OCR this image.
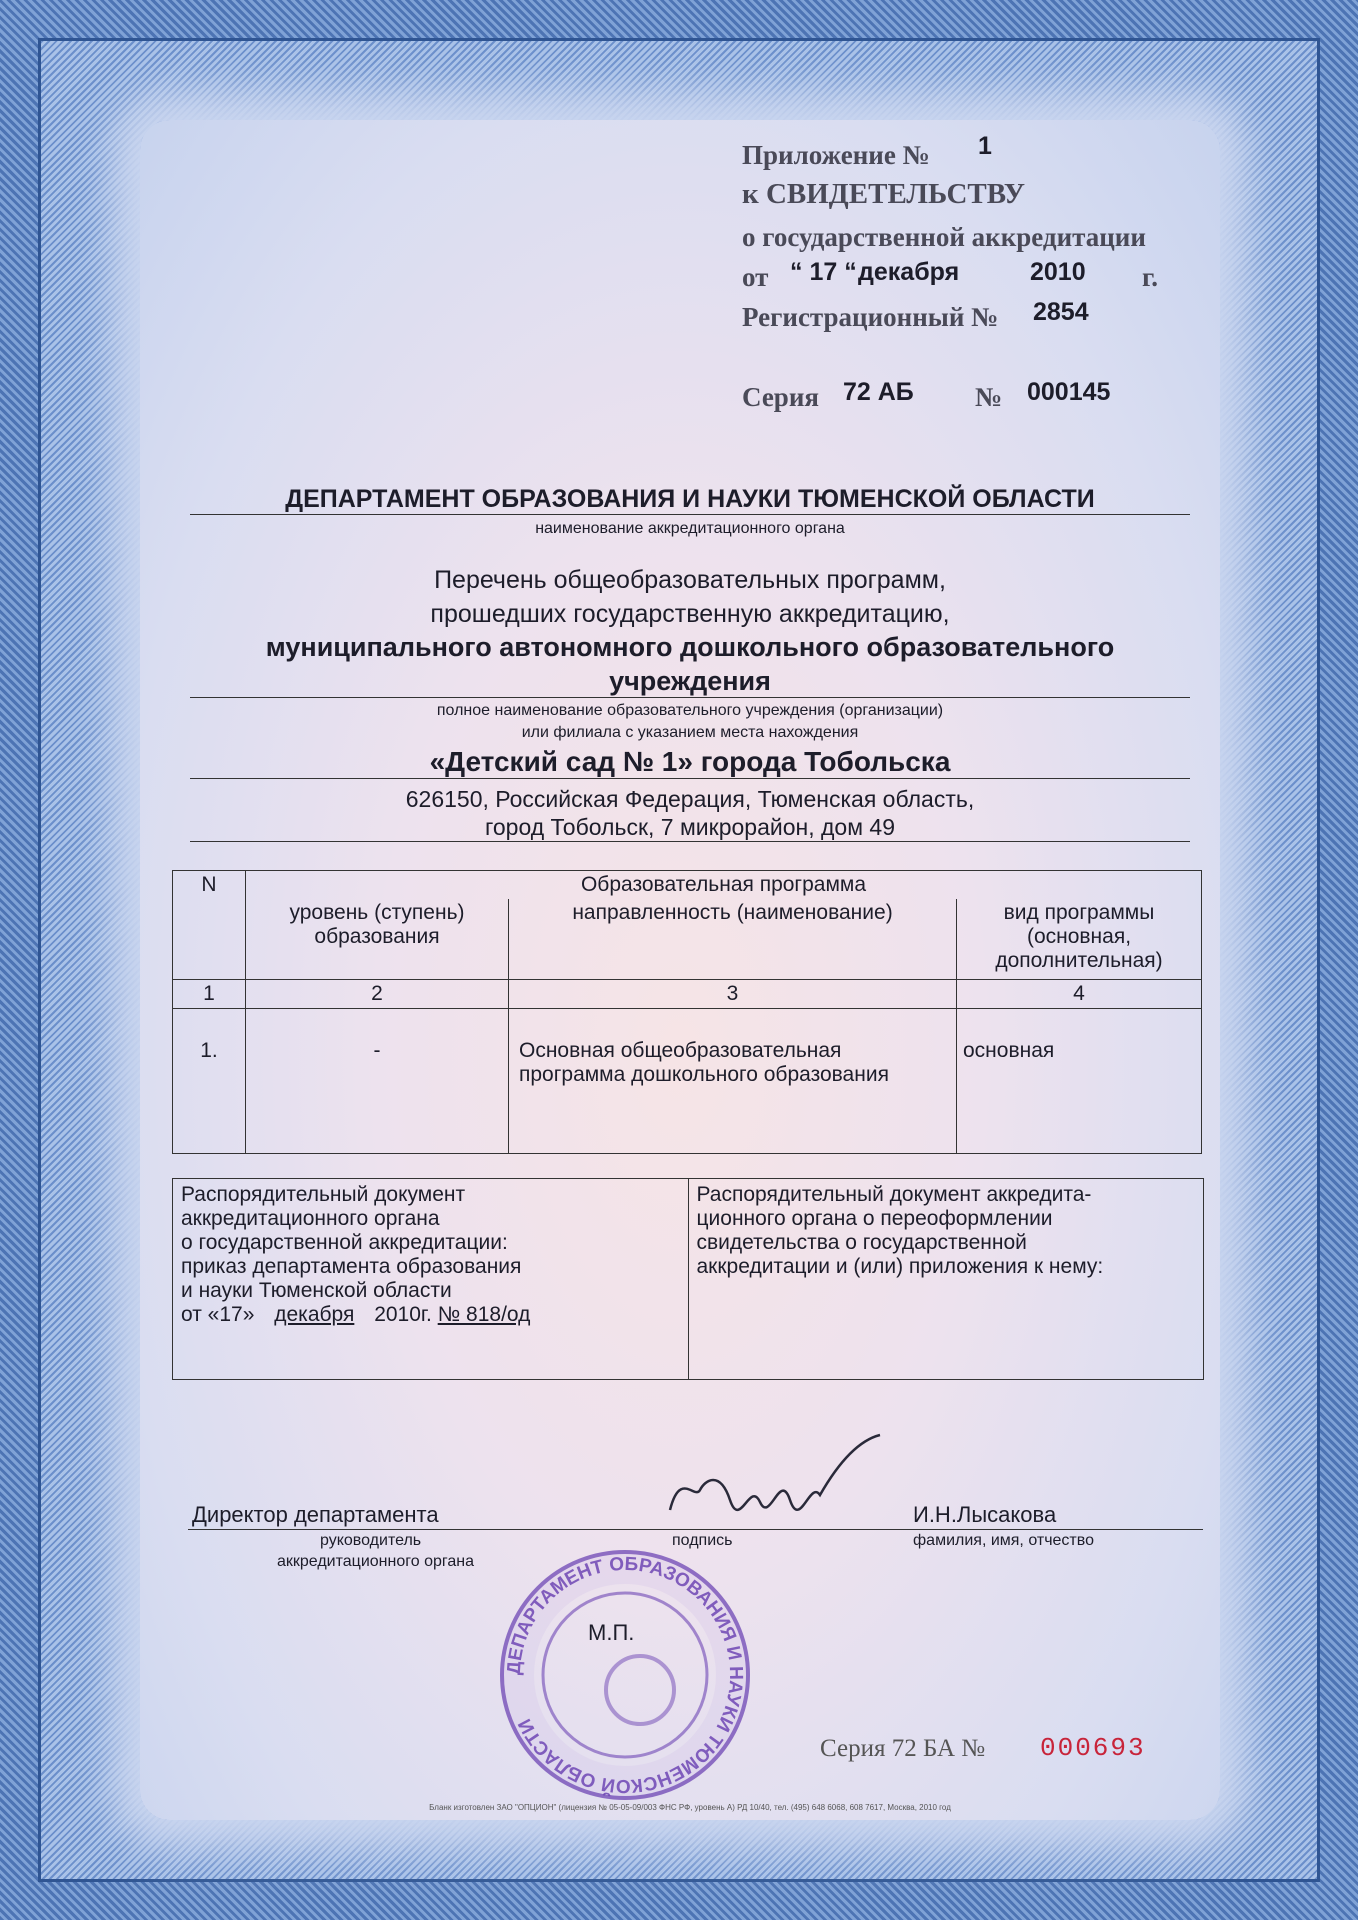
Приложение № 1
к СВИДЕТЕЛЬСТВУ
о государственной аккредитации
от “ 17 “ декабря	2010 г.
Регистрационный № 2854
Серия 72 АБ № 000145
ДЕПАРТАМЕНТ ОБРАЗОВАНИЯ И НАУКИ ТЮМЕНСКОЙ ОБЛАСТИ
наименование аккредитационного органа
Перечень общеобразовательных программ,
прошедших государственную аккредитацию,
муниципального автономного дошкольного образовательного
учреждения
полное наименование образовательного учреждения (организации)
или филиала с указанием места нахождения
«Детский сад № 1» города Тобольска
626150, Российская Федерация, Тюменская область,
город Тобольск, 7 микрорайон, дом 49
N	Образовательная программа		
	уровень (ступень) образования	направленность (наименование)	вид программы (основная, дополнительная)
1	2	3	4
1.	-	Основная общеобразовательная программа дошкольного образования	основная
Распорядительный документ
аккредитационного органа
о государственной аккредитации:
приказ департамента образования
и науки Тюменской области
от «17» декабря 2010г. № 818/од
Распорядительный документ аккредита-
ционного органа о переоформлении
свидетельства о государственной
аккредитации и (или) приложения к нему:
Директор департамента
руководитель
аккредитационного органа
подпись
И.Н.Лысакова
фамилия, имя, отчество
ДЕПАРТАМЕНТ ОБРАЗОВАНИЯ И НАУКИ ТЮМЕНСКОЙ ОБЛАСТИ
М.П.
Серия 72 БА № 000693
Бланк изготовлен ЗАО "ОПЦИОН" (лицензия № 05-05-09/003 ФНС РФ, уровень А) РД 10/40, тел. (495) 648 6068, 608 7617, Москва, 2010 год
